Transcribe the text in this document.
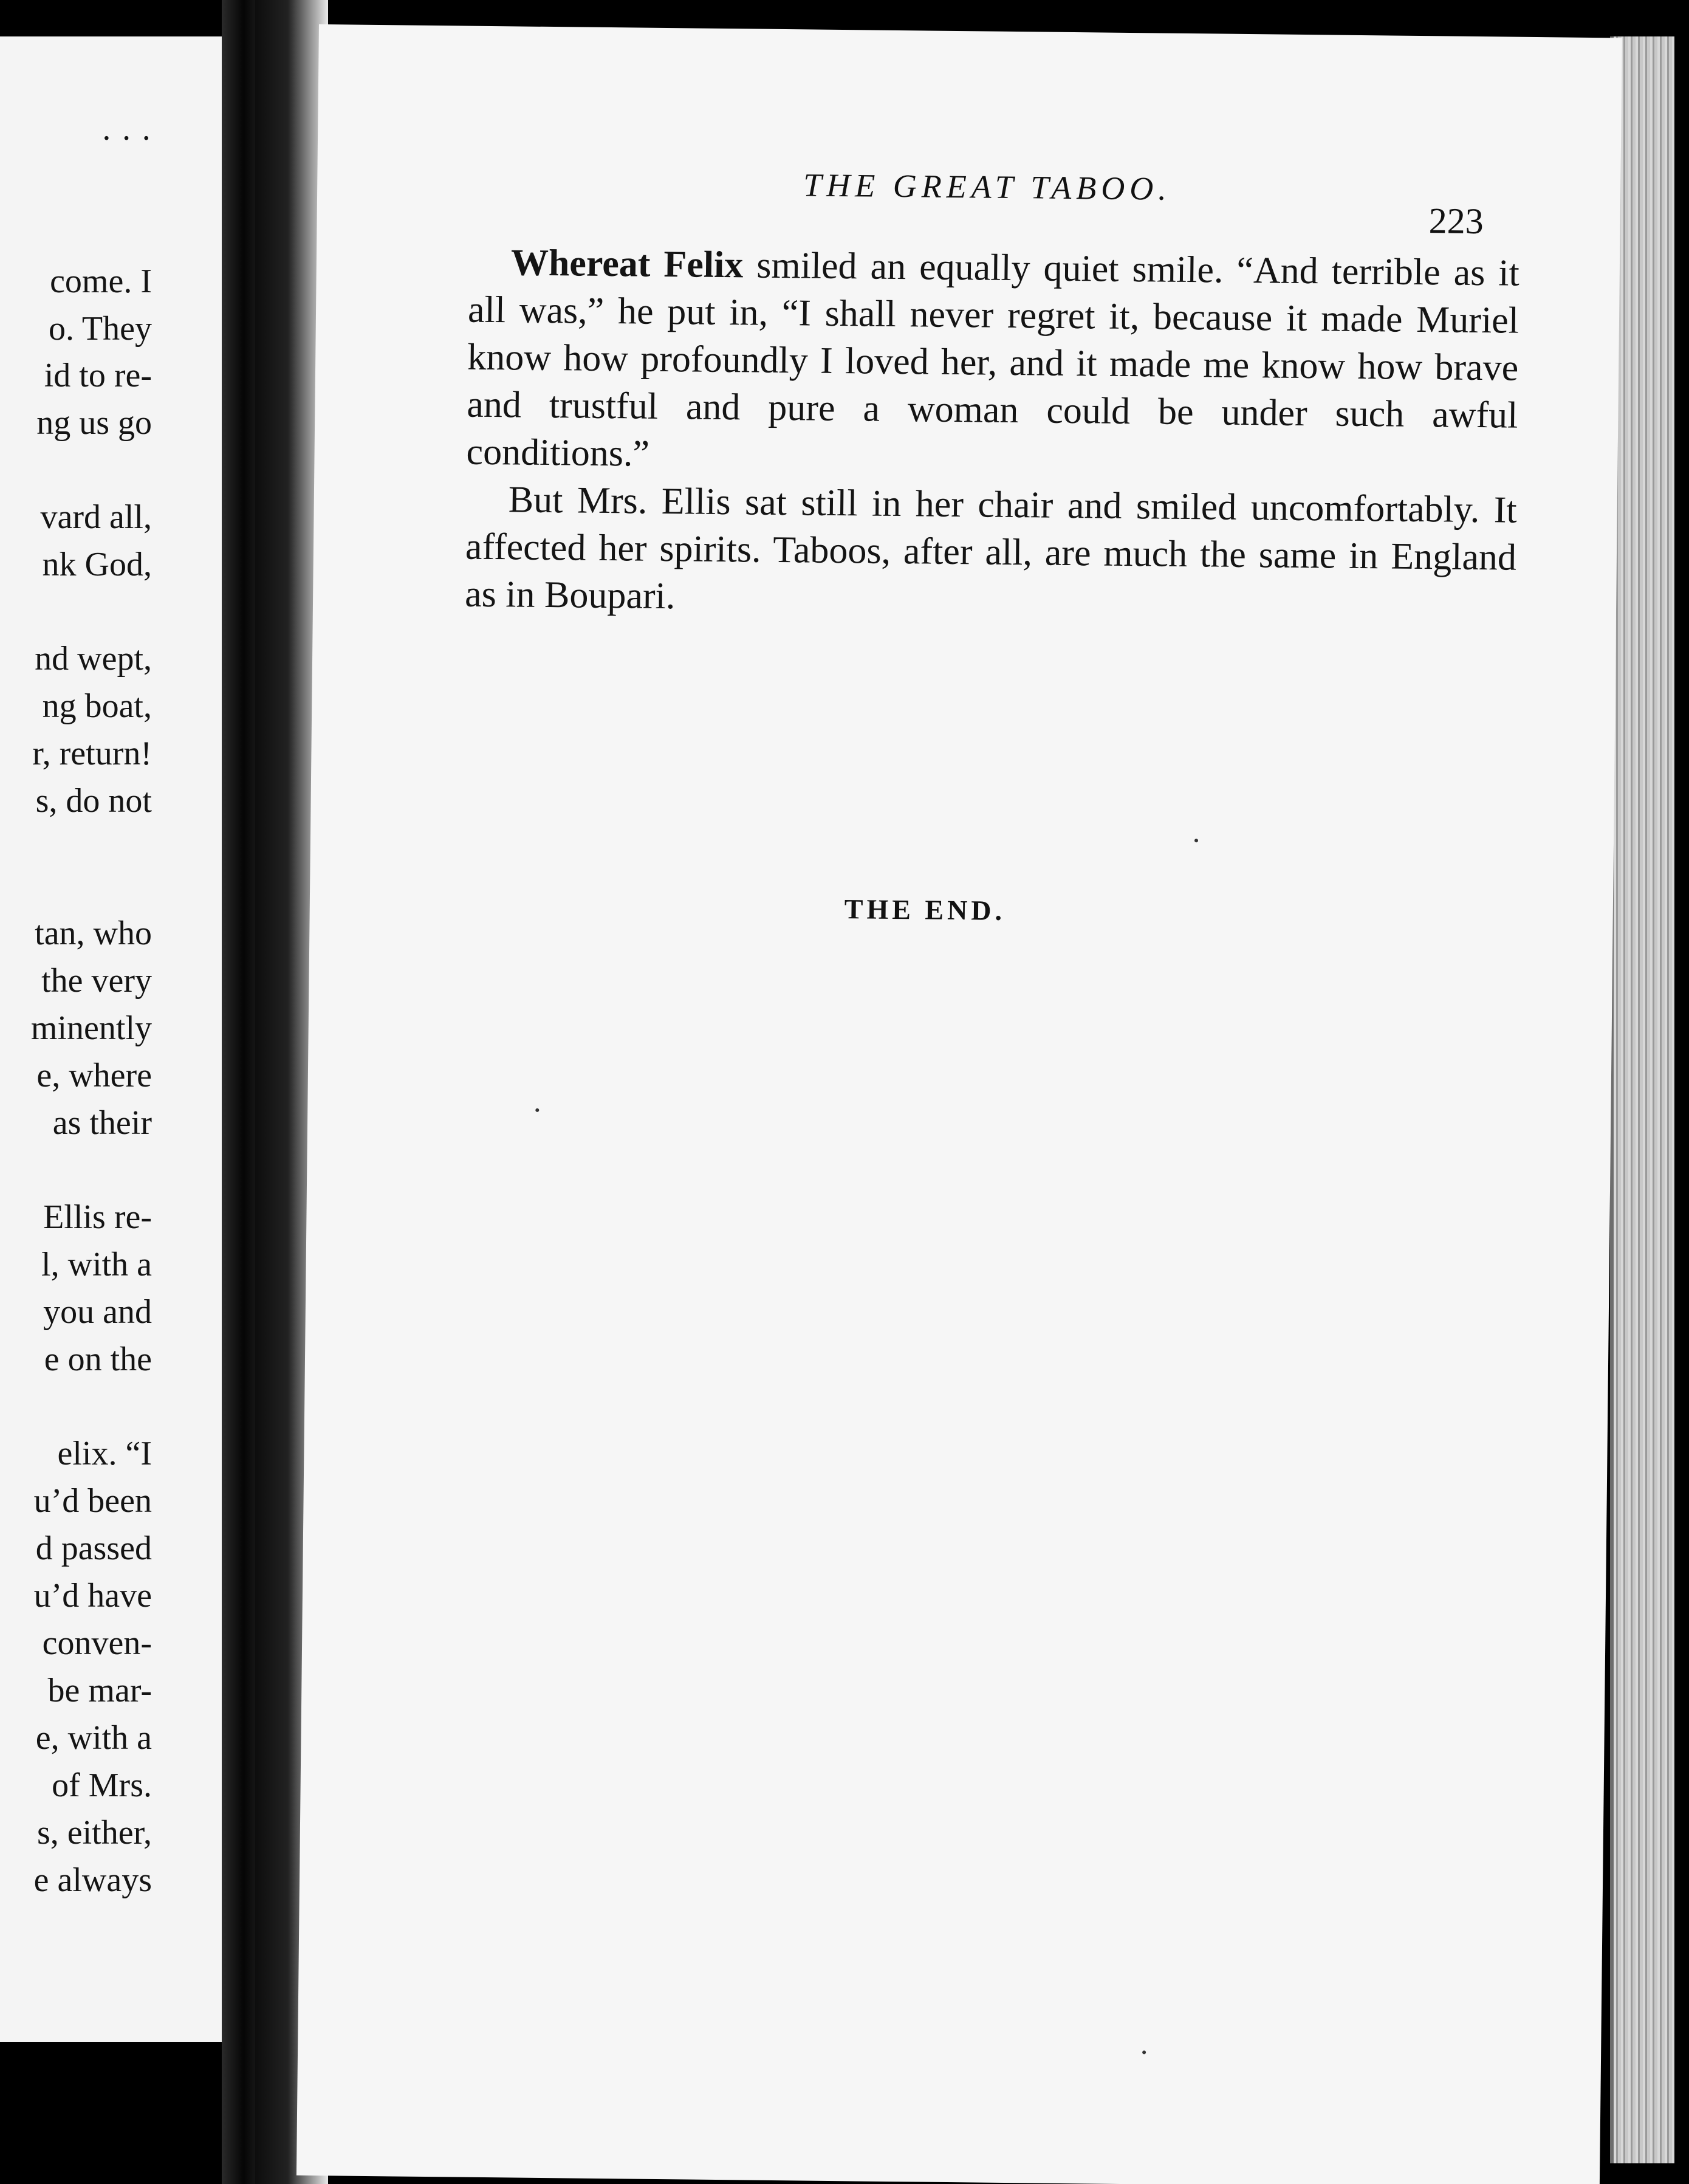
· · ·
come. I
o. They
id to re-
ng us go
vard all,
nk God,
nd wept,
ng boat,
r, return!
s, do not
tan, who
the very
minently
e, where
as their
Ellis re-
l, with a
you and
e on the
elix. “I
u’d been
d passed
u’d have
conven-
be mar-
e, with a
of Mrs.
s, either,
e always
THE GREAT TABOO.
223

Whereat Felix smiled an equally quiet smile. “And terrible as it all was,” he put in, “I shall never regret it, because it made Muriel know how profoundly I loved her, and it made me know how brave and trustful and pure a woman could be under such awful conditions.”

But Mrs. Ellis sat still in her chair and smiled uncomfortably. It affected her spirits. Taboos, after all, are much the same in England as in Boupari.

THE END.
